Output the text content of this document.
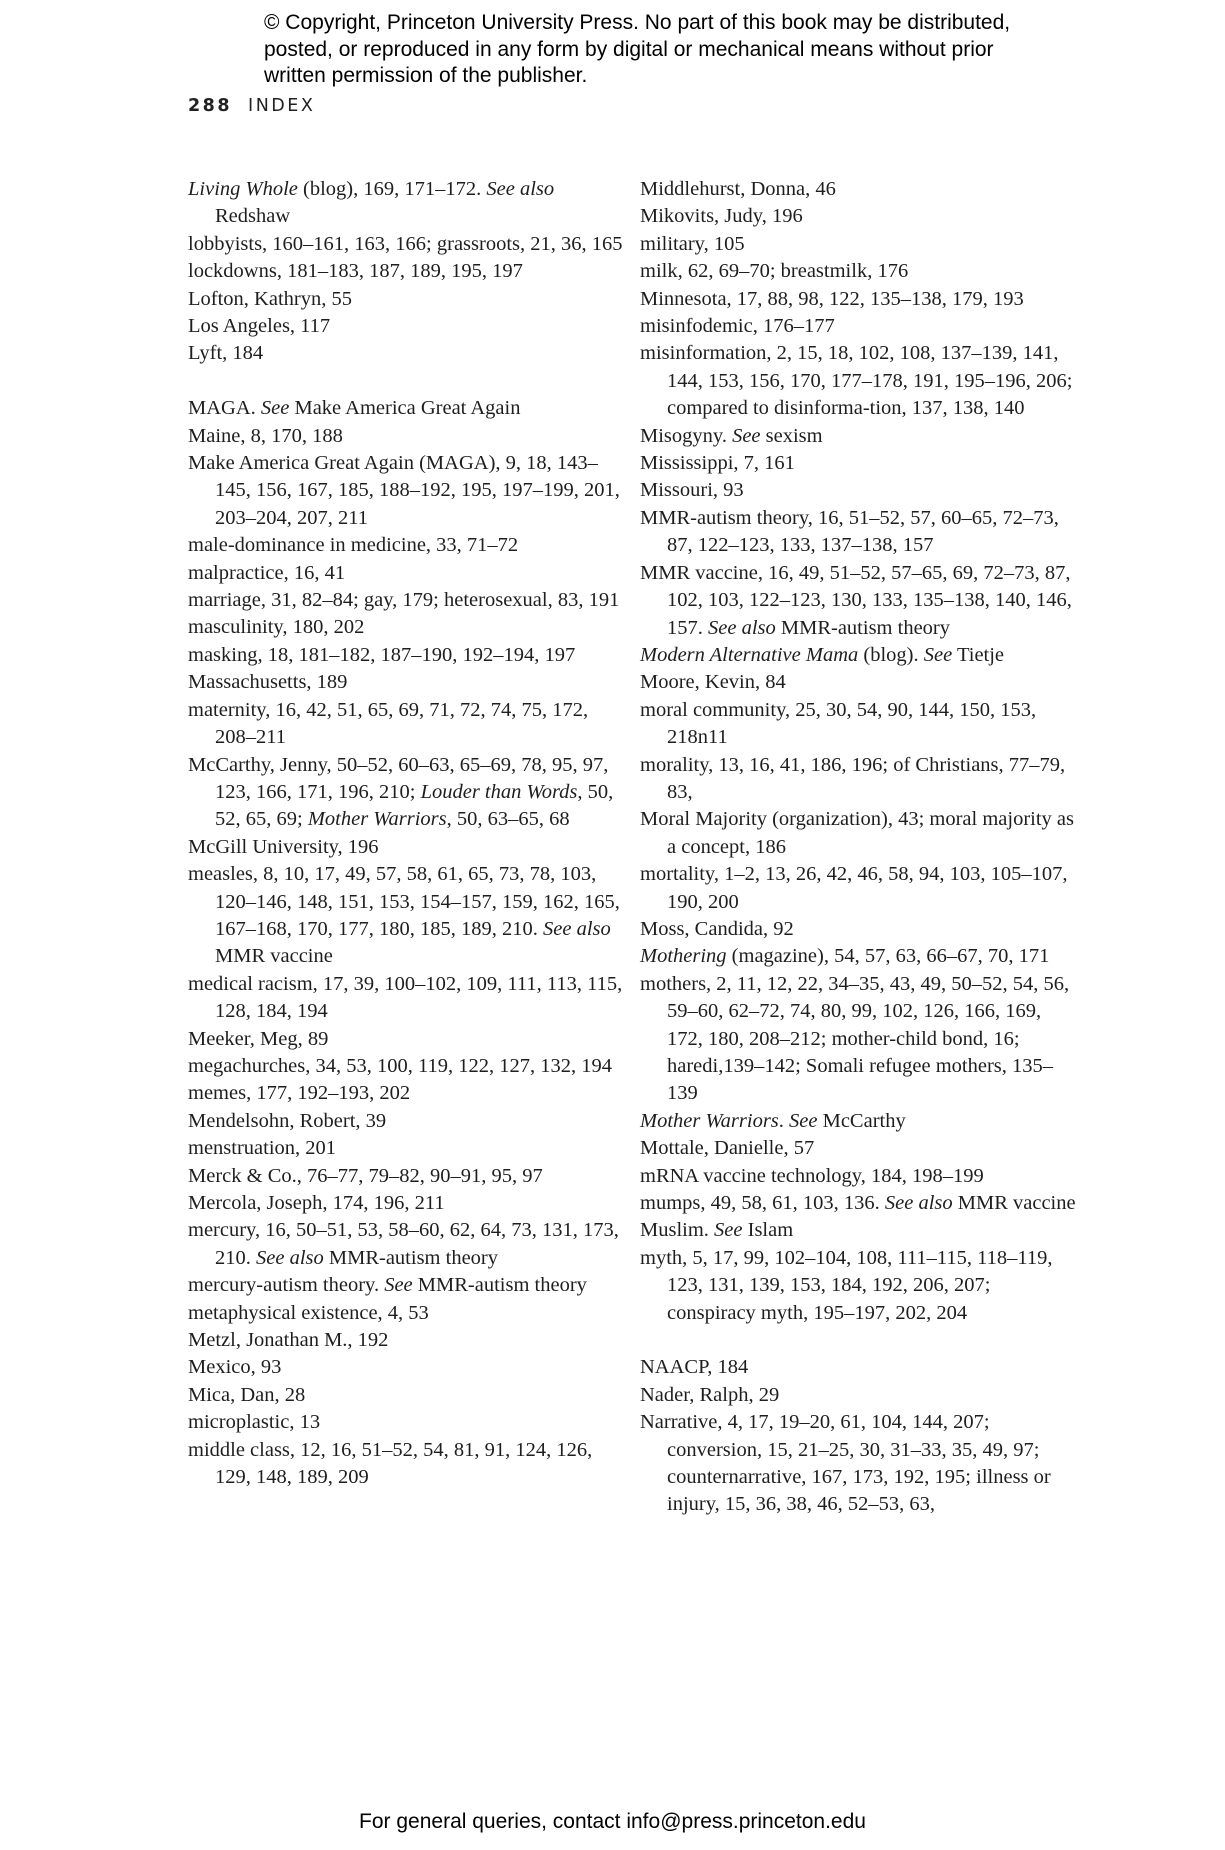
© Copyright, Princeton University Press. No part of this book may be distributed, posted, or reproduced in any form by digital or mechanical means without prior written permission of the publisher.
288 INDEX

Living Whole (blog), 169, 171–172. See also Redshaw

lobbyists, 160–161, 163, 166; grassroots, 21, 36, 165

lockdowns, 181–183, 187, 189, 195, 197

Lofton, Kathryn, 55

Los Angeles, 117

Lyft, 184

MAGA. See Make America Great Again

Maine, 8, 170, 188

Make America Great Again (MAGA), 9, 18, 143–145, 156, 167, 185, 188–192, 195, 197–199, 201, 203–204, 207, 211

male-dominance in medicine, 33, 71–72

malpractice, 16, 41

marriage, 31, 82–84; gay, 179; heterosexual, 83, 191

masculinity, 180, 202

masking, 18, 181–182, 187–190, 192–194, 197

Massachusetts, 189

maternity, 16, 42, 51, 65, 69, 71, 72, 74, 75, 172, 208–211

McCarthy, Jenny, 50–52, 60–63, 65–69, 78, 95, 97, 123, 166, 171, 196, 210; Louder than Words, 50, 52, 65, 69; Mother Warriors, 50, 63–65, 68

McGill University, 196

measles, 8, 10, 17, 49, 57, 58, 61, 65, 73, 78, 103, 120–146, 148, 151, 153, 154–157, 159, 162, 165, 167–168, 170, 177, 180, 185, 189, 210. See also MMR vaccine

medical racism, 17, 39, 100–102, 109, 111, 113, 115, 128, 184, 194

Meeker, Meg, 89

megachurches, 34, 53, 100, 119, 122, 127, 132, 194

memes, 177, 192–193, 202

Mendelsohn, Robert, 39

menstruation, 201

Merck & Co., 76–77, 79–82, 90–91, 95, 97

Mercola, Joseph, 174, 196, 211

mercury, 16, 50–51, 53, 58–60, 62, 64, 73, 131, 173, 210. See also MMR-autism theory

mercury-autism theory. See MMR-autism theory

metaphysical existence, 4, 53

Metzl, Jonathan M., 192

Mexico, 93

Mica, Dan, 28

microplastic, 13

middle class, 12, 16, 51–52, 54, 81, 91, 124, 126, 129, 148, 189, 209

Middlehurst, Donna, 46

Mikovits, Judy, 196

military, 105

milk, 62, 69–70; breastmilk, 176

Minnesota, 17, 88, 98, 122, 135–138, 179, 193

misinfodemic, 176–177

misinformation, 2, 15, 18, 102, 108, 137–139, 141, 144, 153, 156, 170, 177–178, 191, 195–196, 206; compared to disinforma-tion, 137, 138, 140

Misogyny. See sexism

Mississippi, 7, 161

Missouri, 93

MMR-autism theory, 16, 51–52, 57, 60–65, 72–73, 87, 122–123, 133, 137–138, 157

MMR vaccine, 16, 49, 51–52, 57–65, 69, 72–73, 87, 102, 103, 122–123, 130, 133, 135–138, 140, 146, 157. See also MMR-autism theory

Modern Alternative Mama (blog). See Tietje

Moore, Kevin, 84

moral community, 25, 30, 54, 90, 144, 150, 153, 218n11

morality, 13, 16, 41, 186, 196; of Christians, 77–79, 83,

Moral Majority (organization), 43; moral majority as a concept, 186

mortality, 1–2, 13, 26, 42, 46, 58, 94, 103, 105–107, 190, 200

Moss, Candida, 92

Mothering (magazine), 54, 57, 63, 66–67, 70, 171

mothers, 2, 11, 12, 22, 34–35, 43, 49, 50–52, 54, 56, 59–60, 62–72, 74, 80, 99, 102, 126, 166, 169, 172, 180, 208–212; mother-child bond, 16; haredi,139–142; Somali refugee mothers, 135–139

Mother Warriors. See McCarthy

Mottale, Danielle, 57

mRNA vaccine technology, 184, 198–199

mumps, 49, 58, 61, 103, 136. See also MMR vaccine

Muslim. See Islam

myth, 5, 17, 99, 102–104, 108, 111–115, 118–119, 123, 131, 139, 153, 184, 192, 206, 207; conspiracy myth, 195–197, 202, 204

NAACP, 184

Nader, Ralph, 29

Narrative, 4, 17, 19–20, 61, 104, 144, 207; conversion, 15, 21–25, 30, 31–33, 35, 49, 97; counternarrative, 167, 173, 192, 195; illness or injury, 15, 36, 38, 46, 52–53, 63,

For general queries, contact info@press.princeton.edu
